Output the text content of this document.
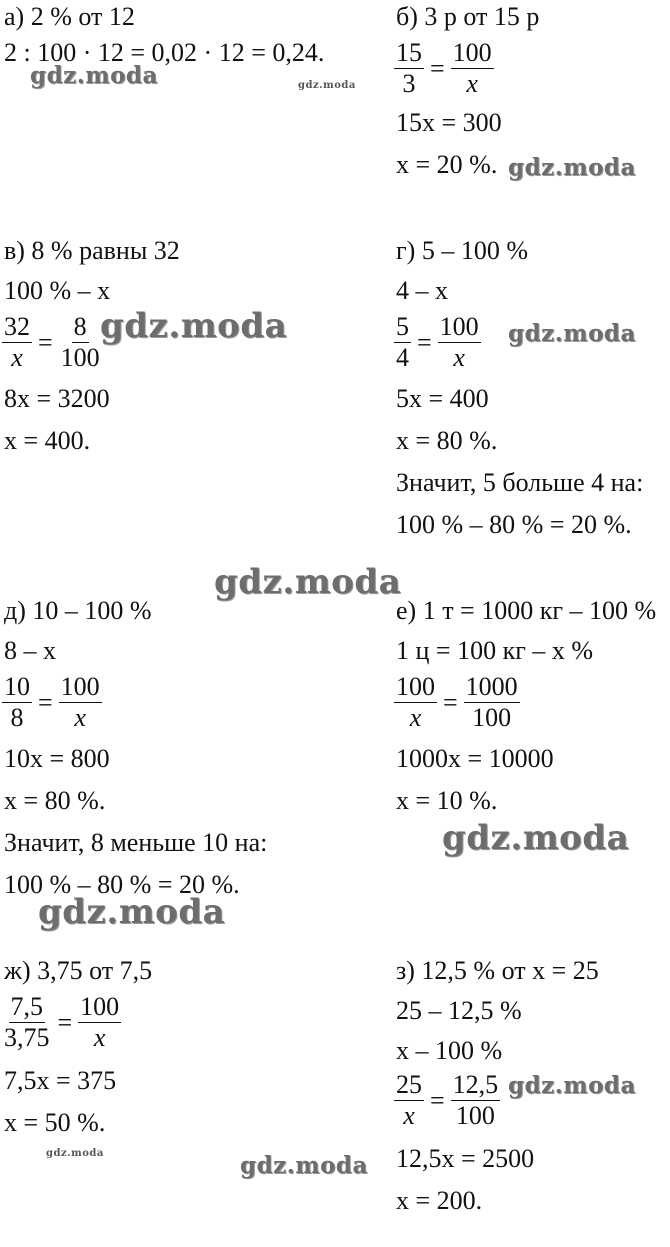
а) 2 % от 12
2 : 100 · 12 = 0,02 · 12 = 0,24.
б) 3 р от 15 р
$\frac{15}{3} = \frac{100}{x}$
15x = 300
x = 20 %.
в) 8 % равны 32
100 % – x
$\frac{32}{x} = \frac{8}{100}$
8x = 3200
x = 400.
г) 5 – 100 %
4 – x
$\frac{5}{4} = \frac{100}{x}$
5x = 400
x = 80 %.
Значит, 5 больше 4 на:
100 % – 80 % = 20 %.
д) 10 – 100 %
8 – x
$\frac{10}{8} = \frac{100}{x}$
10x = 800
x = 80 %.
Значит, 8 меньше 10 на:
100 % – 80 % = 20 %.
е) 1 т = 1000 кг – 100 %
1 ц = 100 кг – x %
$\frac{100}{x} = \frac{1000}{100}$
1000x = 10000
x = 10 %.
ж) 3,75 от 7,5
$\frac{7,5}{3,75} = \frac{100}{x}$
7,5x = 375
x = 50 %.
з) 12,5 % от x = 25
25 – 12,5 %
x – 100 %
$\frac{25}{x} = \frac{12,5}{100}$
12,5x = 2500
x = 200.
gdz.moda	gdz.moda
gdz.moda
gdz.moda	gdz.moda
gdz.moda
gdz.moda
gdz.moda
gdz.moda
gdz.moda
gdz.moda
